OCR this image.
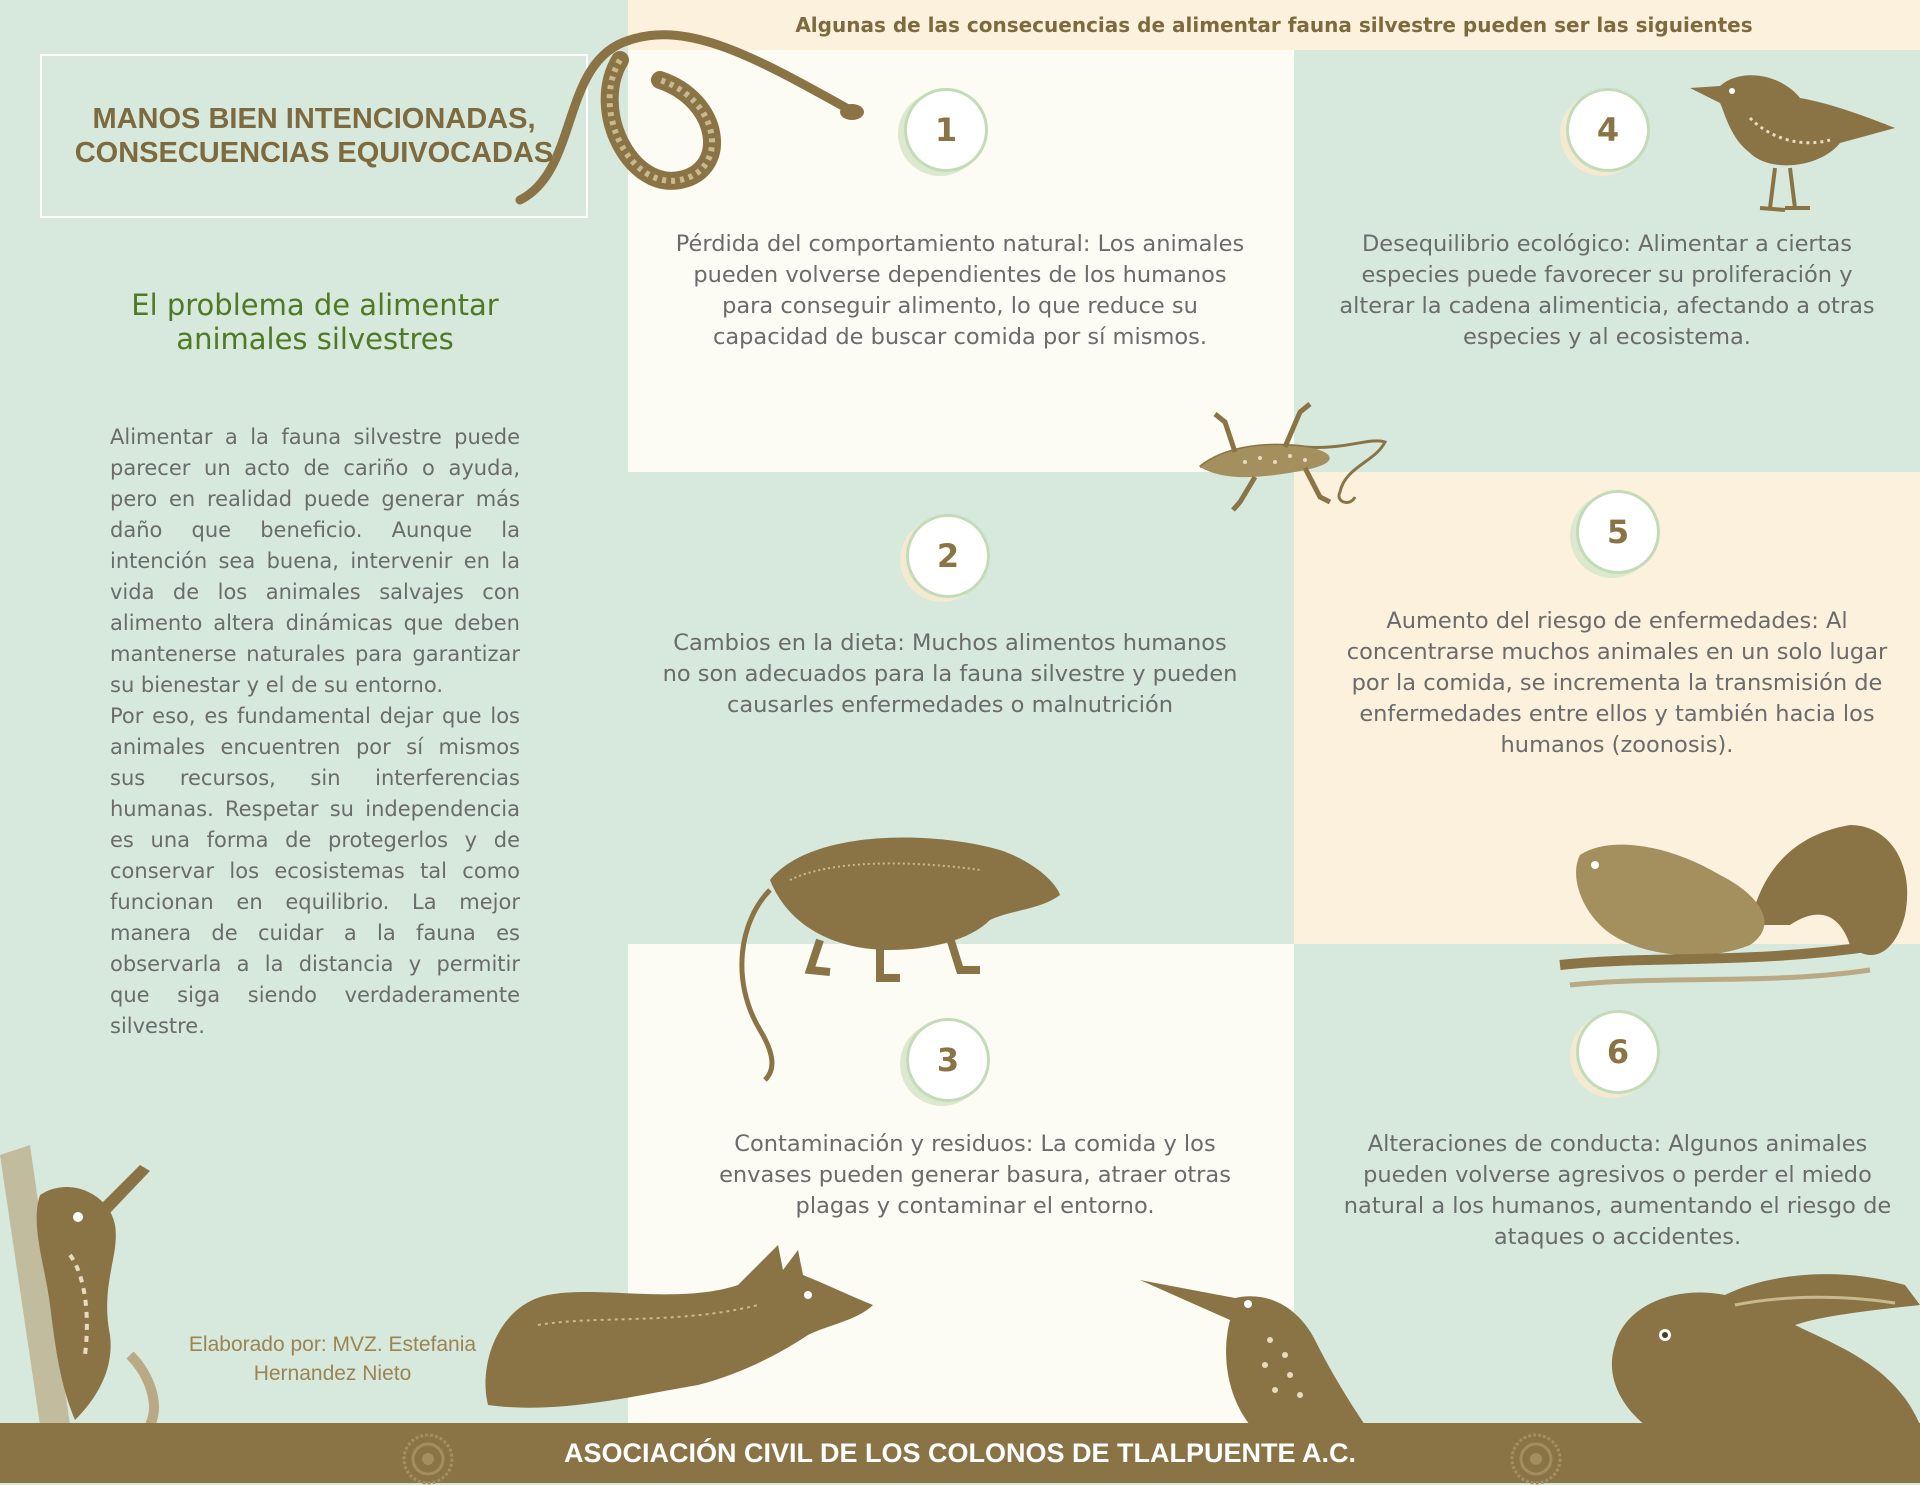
Algunas de las consecuencias de alimentar fauna silvestre pueden ser las siguientes
MANOS BIEN INTENCIONADAS,
CONSECUENCIAS EQUIVOCADAS
El problema de alimentar
animales silvestres
Alimentar a la fauna silvestre puede parecer un acto de cariño o ayuda, pero en realidad puede generar más daño que beneficio. Aunque la intención sea buena, intervenir en la vida de los animales salvajes con alimento altera dinámicas que deben mantenerse naturales para garantizar su bienestar y el de su entorno.
Por eso, es fundamental dejar que los animales encuentren por sí mismos sus recursos, sin interferencias humanas. Respetar su independencia es una forma de protegerlos y de conservar los ecosistemas tal como funcionan en equilibrio. La mejor manera de cuidar a la fauna es observarla a la distancia y permitir que siga siendo verdaderamente silvestre.
Elaborado por: MVZ. Estefania
Hernandez Nieto
1	4
2
5
3	6
Pérdida del comportamiento natural: Los animales pueden volverse dependientes de los humanos para conseguir alimento, lo que reduce su capacidad de buscar comida por sí mismos.
Desequilibrio ecológico: Alimentar a ciertas especies puede favorecer su proliferación y alterar la cadena alimenticia, afectando a otras especies y al ecosistema.
Cambios en la dieta: Muchos alimentos humanos no son adecuados para la fauna silvestre y pueden causarles enfermedades o malnutrición
Aumento del riesgo de enfermedades: Al concentrarse muchos animales en un solo lugar por la comida, se incrementa la transmisión de enfermedades entre ellos y también hacia los humanos (zoonosis).
Contaminación y residuos: La comida y los envases pueden generar basura, atraer otras plagas y contaminar el entorno.
Alteraciones de conducta: Algunos animales pueden volverse agresivos o perder el miedo natural a los humanos, aumentando el riesgo de ataques o accidentes.
ASOCIACIÓN CIVIL DE LOS COLONOS DE TLALPUENTE A.C.
